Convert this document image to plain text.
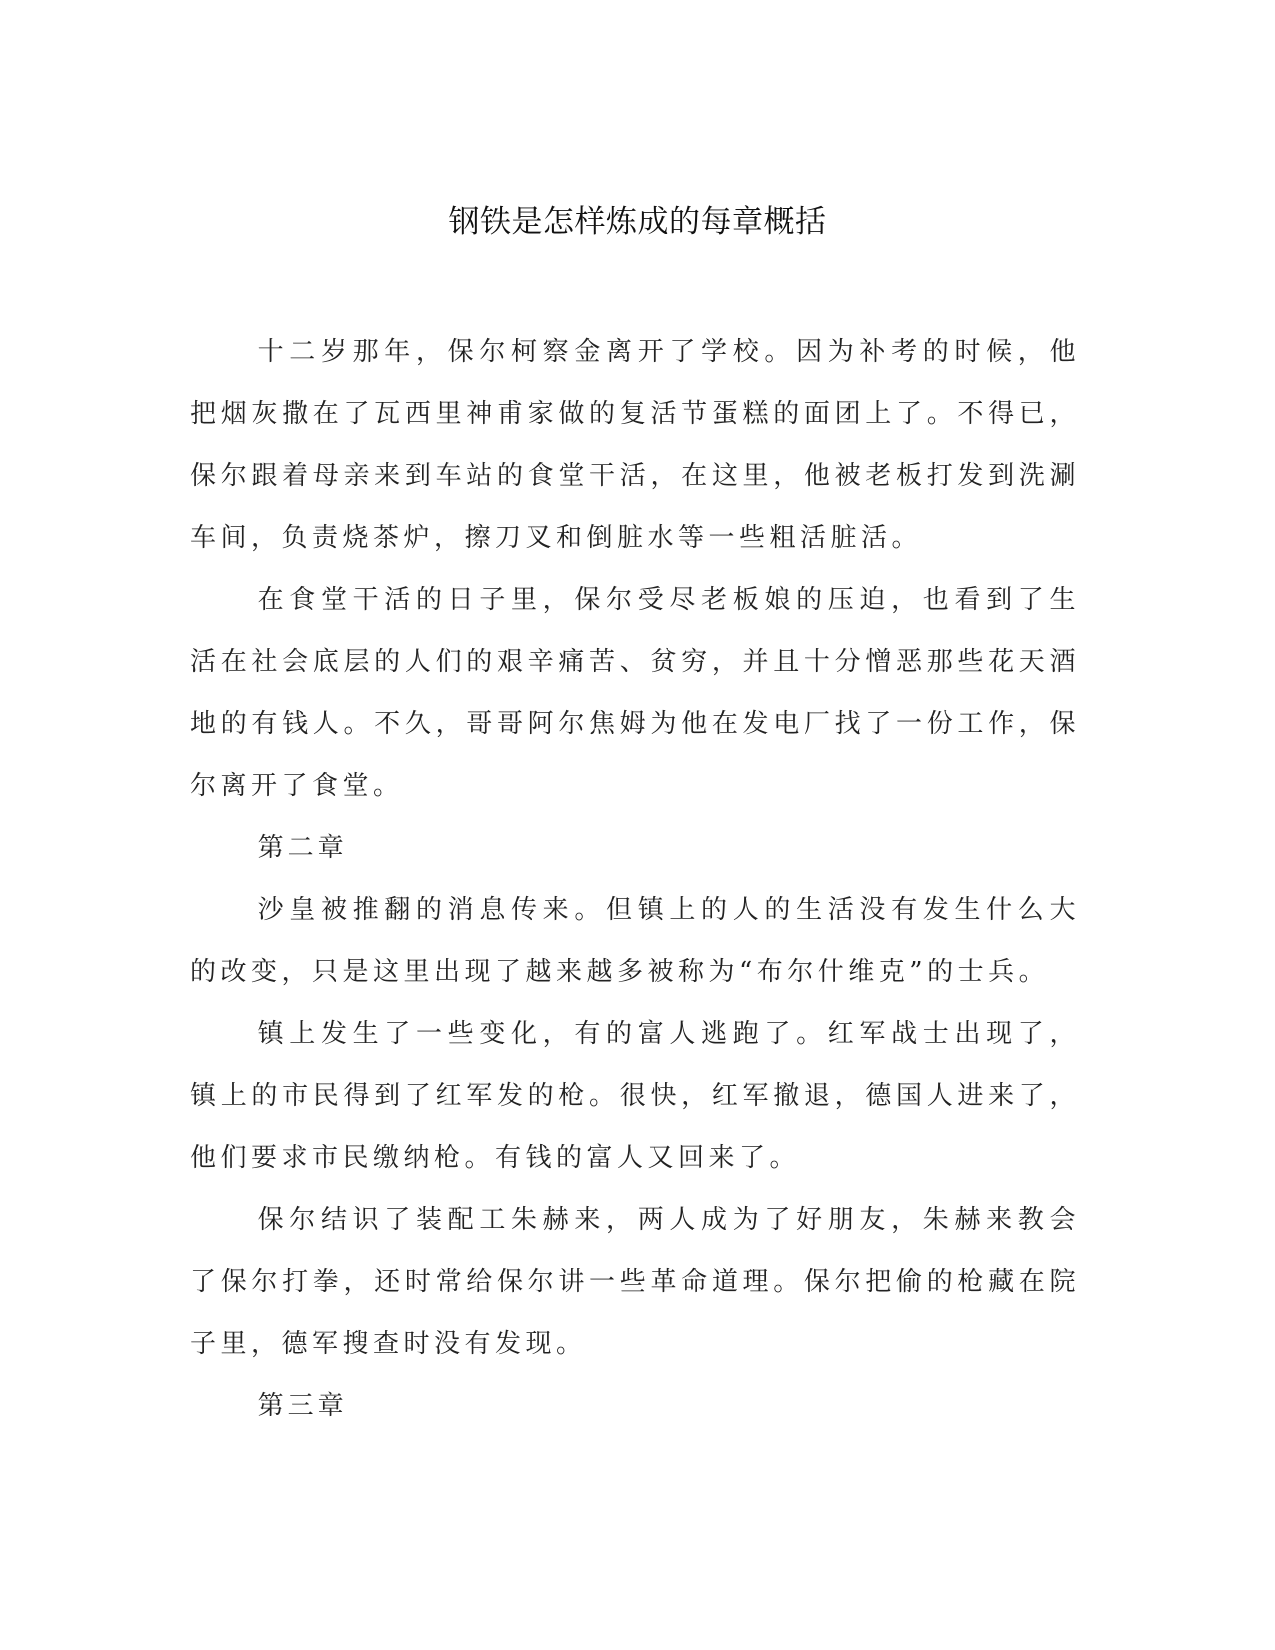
钢铁是怎样炼成的每章概括

十二岁那年，保尔柯察金离开了学校。因为补考的时候，他把烟灰撒在了瓦西里神甫家做的复活节蛋糕的面团上了。不得已，保尔跟着母亲来到车站的食堂干活，在这里，他被老板打发到洗涮车间，负责烧茶炉，擦刀叉和倒脏水等一些粗活脏活。

在食堂干活的日子里，保尔受尽老板娘的压迫，也看到了生活在社会底层的人们的艰辛痛苦、贫穷，并且十分憎恶那些花天酒地的有钱人。不久，哥哥阿尔焦姆为他在发电厂找了一份工作，保尔离开了食堂。

第二章

沙皇被推翻的消息传来。但镇上的人的生活没有发生什么大的改变，只是这里出现了越来越多被称为“布尔什维克”的士兵。

镇上发生了一些变化，有的富人逃跑了。红军战士出现了，镇上的市民得到了红军发的枪。很快，红军撤退，德国人进来了，他们要求市民缴纳枪。有钱的富人又回来了。

保尔结识了装配工朱赫来，两人成为了好朋友，朱赫来教会了保尔打拳，还时常给保尔讲一些革命道理。保尔把偷的枪藏在院子里，德军搜查时没有发现。

第三章
